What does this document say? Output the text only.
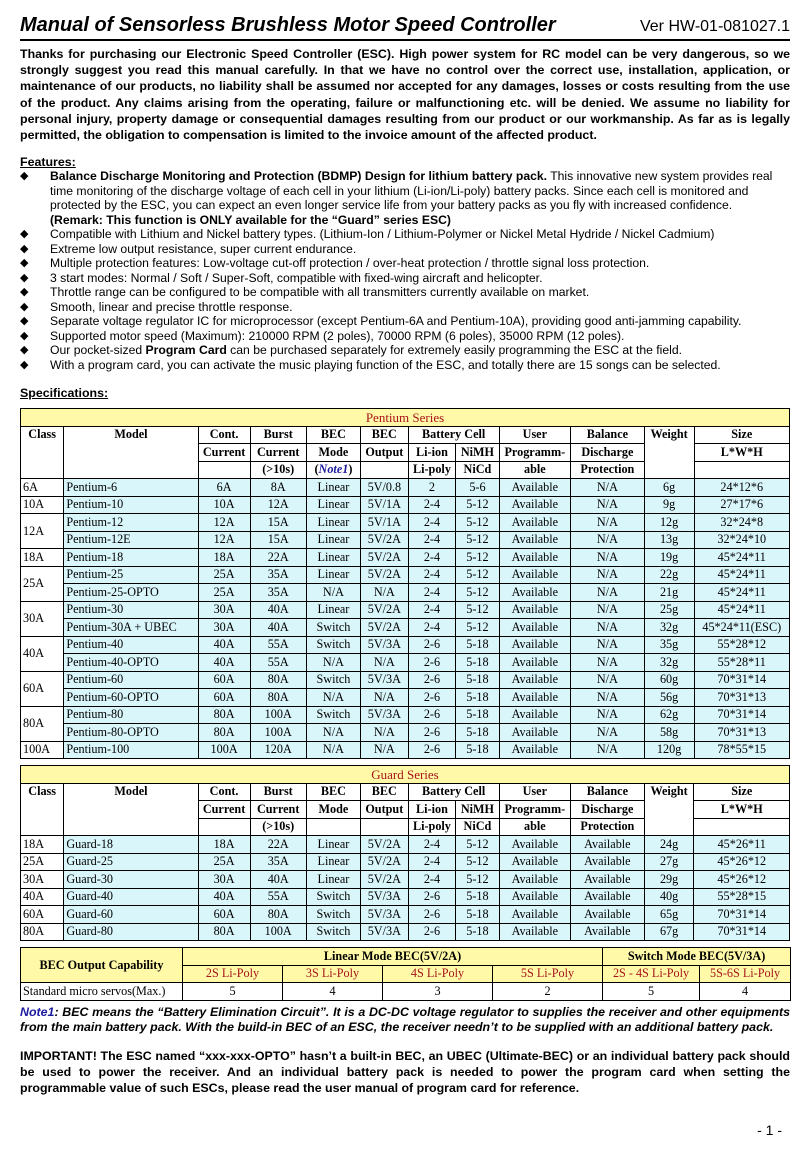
Manual of Sensorless Brushless Motor Speed Controller	Ver HW-01-081027.1
Thanks for purchasing our Electronic Speed Controller (ESC). High power system for RC model can be very dangerous, so we strongly suggest you read this manual carefully. In that we have no control over the correct use, installation, application, or maintenance of our products, no liability shall be assumed nor accepted for any damages, losses or costs resulting from the use of the product. Any claims arising from the operating, failure or malfunctioning etc. will be denied. We assume no liability for personal injury, property damage or consequential damages resulting from our product or our workmanship. As far as is legally permitted, the obligation to compensation is limited to the invoice amount of the affected product.
Features:
◆ Balance Discharge Monitoring and Protection (BDMP) Design for lithium battery pack. This innovative new system provides real time monitoring of the discharge voltage of each cell in your lithium (Li-ion/Li-poly) battery packs. Since each cell is monitored and protected by the ESC, you can expect an even longer service life from your battery packs as you fly with increased confidence.
(Remark: This function is ONLY available for the “Guard” series ESC)
◆ Compatible with Lithium and Nickel battery types. (Lithium-Ion / Lithium-Polymer or Nickel Metal Hydride / Nickel Cadmium)
◆ Extreme low output resistance, super current endurance.
◆ Multiple protection features: Low-voltage cut-off protection / over-heat protection / throttle signal loss protection.
◆ 3 start modes: Normal / Soft / Super-Soft, compatible with fixed-wing aircraft and helicopter.
◆ Throttle range can be configured to be compatible with all transmitters currently available on market.
◆ Smooth, linear and precise throttle response.
◆ Separate voltage regulator IC for microprocessor (except Pentium-6A and Pentium-10A), providing good anti-jamming capability.
◆ Supported motor speed (Maximum): 210000 RPM (2 poles), 70000 RPM (6 poles), 35000 RPM (12 poles).
◆ Our pocket-sized Program Card can be purchased separately for extremely easily programming the ESC at the field.
◆ With a program card, you can activate the music playing function of the ESC, and totally there are 15 songs can be selected.
Specifications:
Pentium Series											
Class	Model	Cont.	Burst	BEC	BEC	Battery Cell		User	Balance	Weight	Size
		Current	Current	Mode	Output	Li-ion	NiMH	Programm-	Discharge		L*W*H
			(>10s)	(Note1)		Li-poly	NiCd	able	Protection		
6A	Pentium-6	6A	8A	Linear	5V/0.8	2	5-6	Available	N/A	6g	24*12*6
10A	Pentium-10	10A	12A	Linear	5V/1A	2-4	5-12	Available	N/A	9g	27*17*6
12A	Pentium-12	12A	15A	Linear	5V/1A	2-4	5-12	Available	N/A	12g	32*24*8
	Pentium-12E	12A	15A	Linear	5V/2A	2-4	5-12	Available	N/A	13g	32*24*10
18A	Pentium-18	18A	22A	Linear	5V/2A	2-4	5-12	Available	N/A	19g	45*24*11
25A	Pentium-25	25A	35A	Linear	5V/2A	2-4	5-12	Available	N/A	22g	45*24*11
	Pentium-25-OPTO	25A	35A	N/A	N/A	2-4	5-12	Available	N/A	21g	45*24*11
30A	Pentium-30	30A	40A	Linear	5V/2A	2-4	5-12	Available	N/A	25g	45*24*11
	Pentium-30A + UBEC	30A	40A	Switch	5V/2A	2-4	5-12	Available	N/A	32g	45*24*11(ESC)
40A	Pentium-40	40A	55A	Switch	5V/3A	2-6	5-18	Available	N/A	35g	55*28*12
	Pentium-40-OPTO	40A	55A	N/A	N/A	2-6	5-18	Available	N/A	32g	55*28*11
60A	Pentium-60	60A	80A	Switch	5V/3A	2-6	5-18	Available	N/A	60g	70*31*14
	Pentium-60-OPTO	60A	80A	N/A	N/A	2-6	5-18	Available	N/A	56g	70*31*13
80A	Pentium-80	80A	100A	Switch	5V/3A	2-6	5-18	Available	N/A	62g	70*31*14
	Pentium-80-OPTO	80A	100A	N/A	N/A	2-6	5-18	Available	N/A	58g	70*31*13
100A	Pentium-100	100A	120A	N/A	N/A	2-6	5-18	Available	N/A	120g	78*55*15
Guard Series											
Class	Model	Cont.	Burst	BEC	BEC	Battery Cell		User	Balance	Weight	Size
		Current	Current	Mode	Output	Li-ion	NiMH	Programm-	Discharge		L*W*H
			(>10s)			Li-poly	NiCd	able	Protection		
18A	Guard-18	18A	22A	Linear	5V/2A	2-4	5-12	Available	Available	24g	45*26*11
25A	Guard-25	25A	35A	Linear	5V/2A	2-4	5-12	Available	Available	27g	45*26*12
30A	Guard-30	30A	40A	Linear	5V/2A	2-4	5-12	Available	Available	29g	45*26*12
40A	Guard-40	40A	55A	Switch	5V/3A	2-6	5-18	Available	Available	40g	55*28*15
60A	Guard-60	60A	80A	Switch	5V/3A	2-6	5-18	Available	Available	65g	70*31*14
80A	Guard-80	80A	100A	Switch	5V/3A	2-6	5-18	Available	Available	67g	70*31*14
BEC Output Capability	Linear Mode BEC(5V/2A)				Switch Mode BEC(5V/3A)	
	2S Li-Poly	3S Li-Poly	4S Li-Poly	5S Li-Poly	2S - 4S Li-Poly	5S-6S Li-Poly
Standard micro servos(Max.)	5	4	3	2	5	4
Note1: BEC means the “Battery Elimination Circuit”. It is a DC-DC voltage regulator to supplies the receiver and other equipments from the main battery pack. With the build-in BEC of an ESC, the receiver needn’t to be supplied with an additional battery pack.
IMPORTANT! The ESC named “xxx-xxx-OPTO” hasn’t a built-in BEC, an UBEC (Ultimate-BEC) or an individual battery pack should be used to power the receiver. And an individual battery pack is needed to power the program card when setting the programmable value of such ESCs, please read the user manual of program card for reference.
- 1 -
